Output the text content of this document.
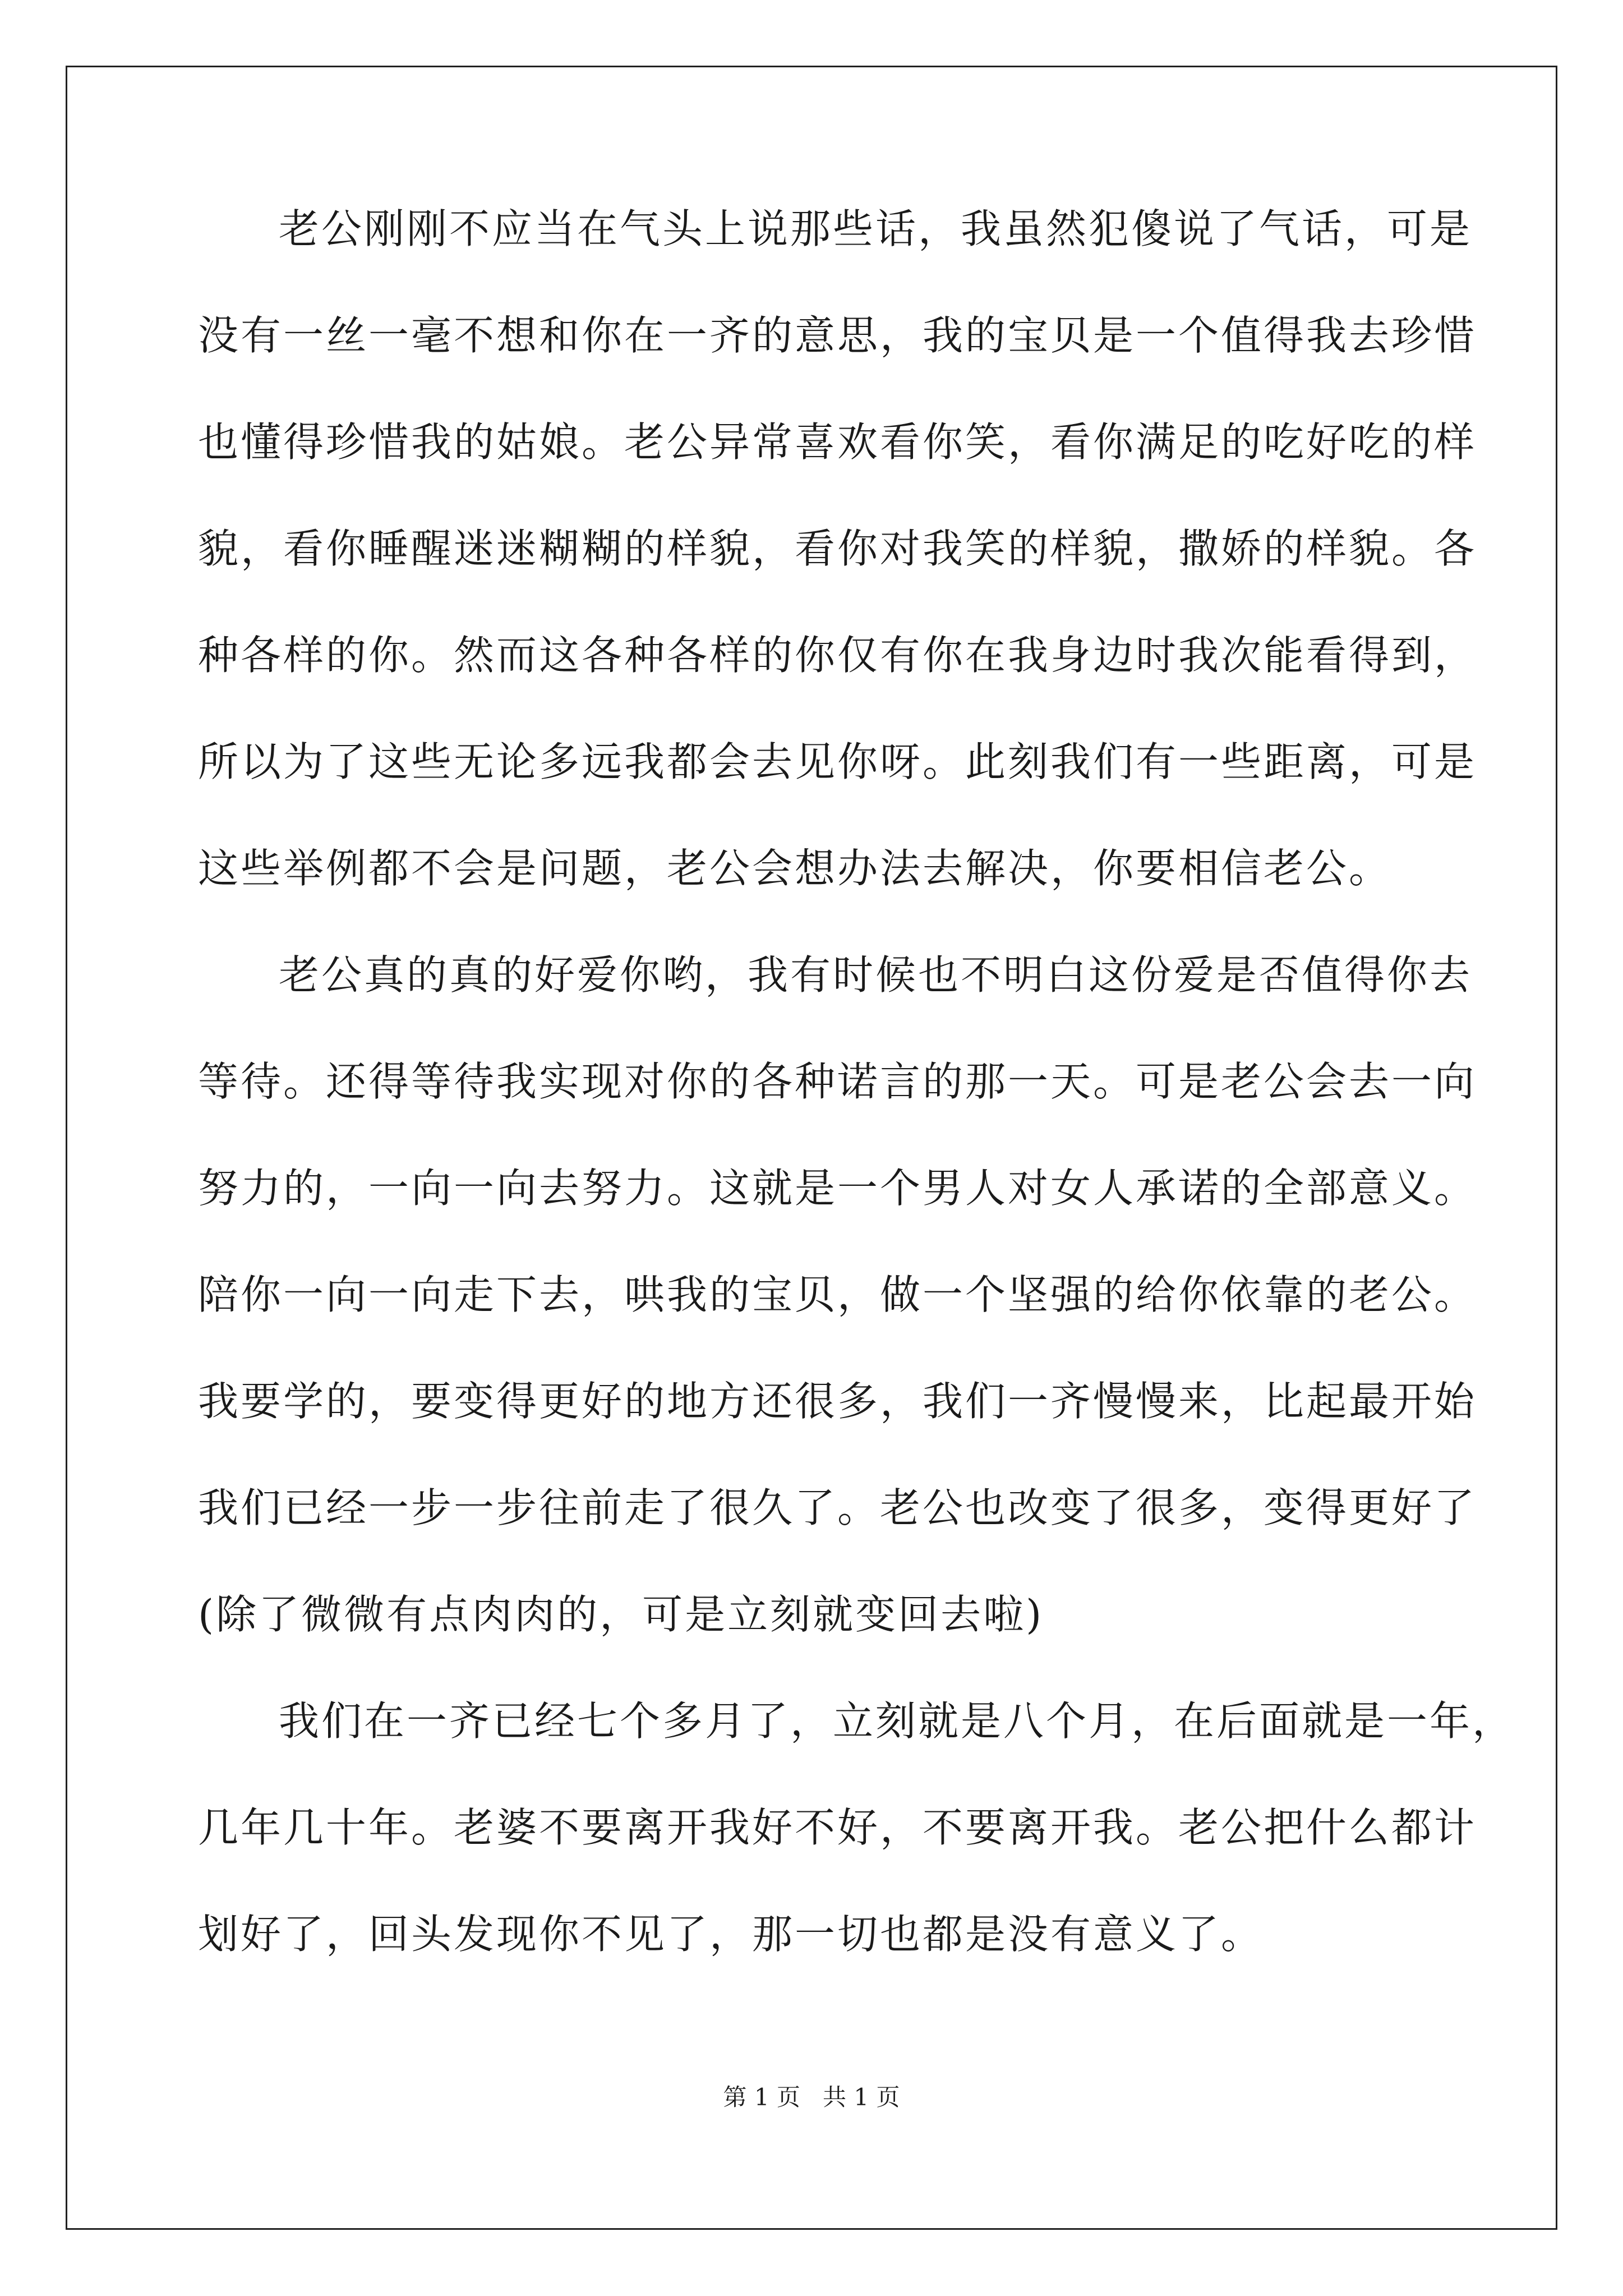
老公刚刚不应当在气头上说那些话，我虽然犯傻说了气话，可是
没有一丝一毫不想和你在一齐的意思，我的宝贝是一个值得我去珍惜
也懂得珍惜我的姑娘。老公异常喜欢看你笑，看你满足的吃好吃的样
貌，看你睡醒迷迷糊糊的样貌，看你对我笑的样貌，撒娇的样貌。各
种各样的你。然而这各种各样的你仅有你在我身边时我次能看得到，
所以为了这些无论多远我都会去见你呀。此刻我们有一些距离，可是
这些举例都不会是问题，老公会想办法去解决，你要相信老公。
老公真的真的好爱你哟，我有时候也不明白这份爱是否值得你去
等待。还得等待我实现对你的各种诺言的那一天。可是老公会去一向
努力的，一向一向去努力。这就是一个男人对女人承诺的全部意义。
陪你一向一向走下去，哄我的宝贝，做一个坚强的给你依靠的老公。
我要学的，要变得更好的地方还很多，我们一齐慢慢来，比起最开始
我们已经一步一步往前走了很久了。老公也改变了很多，变得更好了
(除了微微有点肉肉的，可是立刻就变回去啦)
我们在一齐已经七个多月了，立刻就是八个月，在后面就是一年，
几年几十年。老婆不要离开我好不好，不要离开我。老公把什么都计
划好了，回头发现你不见了，那一切也都是没有意义了。
第 1 页   共 1 页
